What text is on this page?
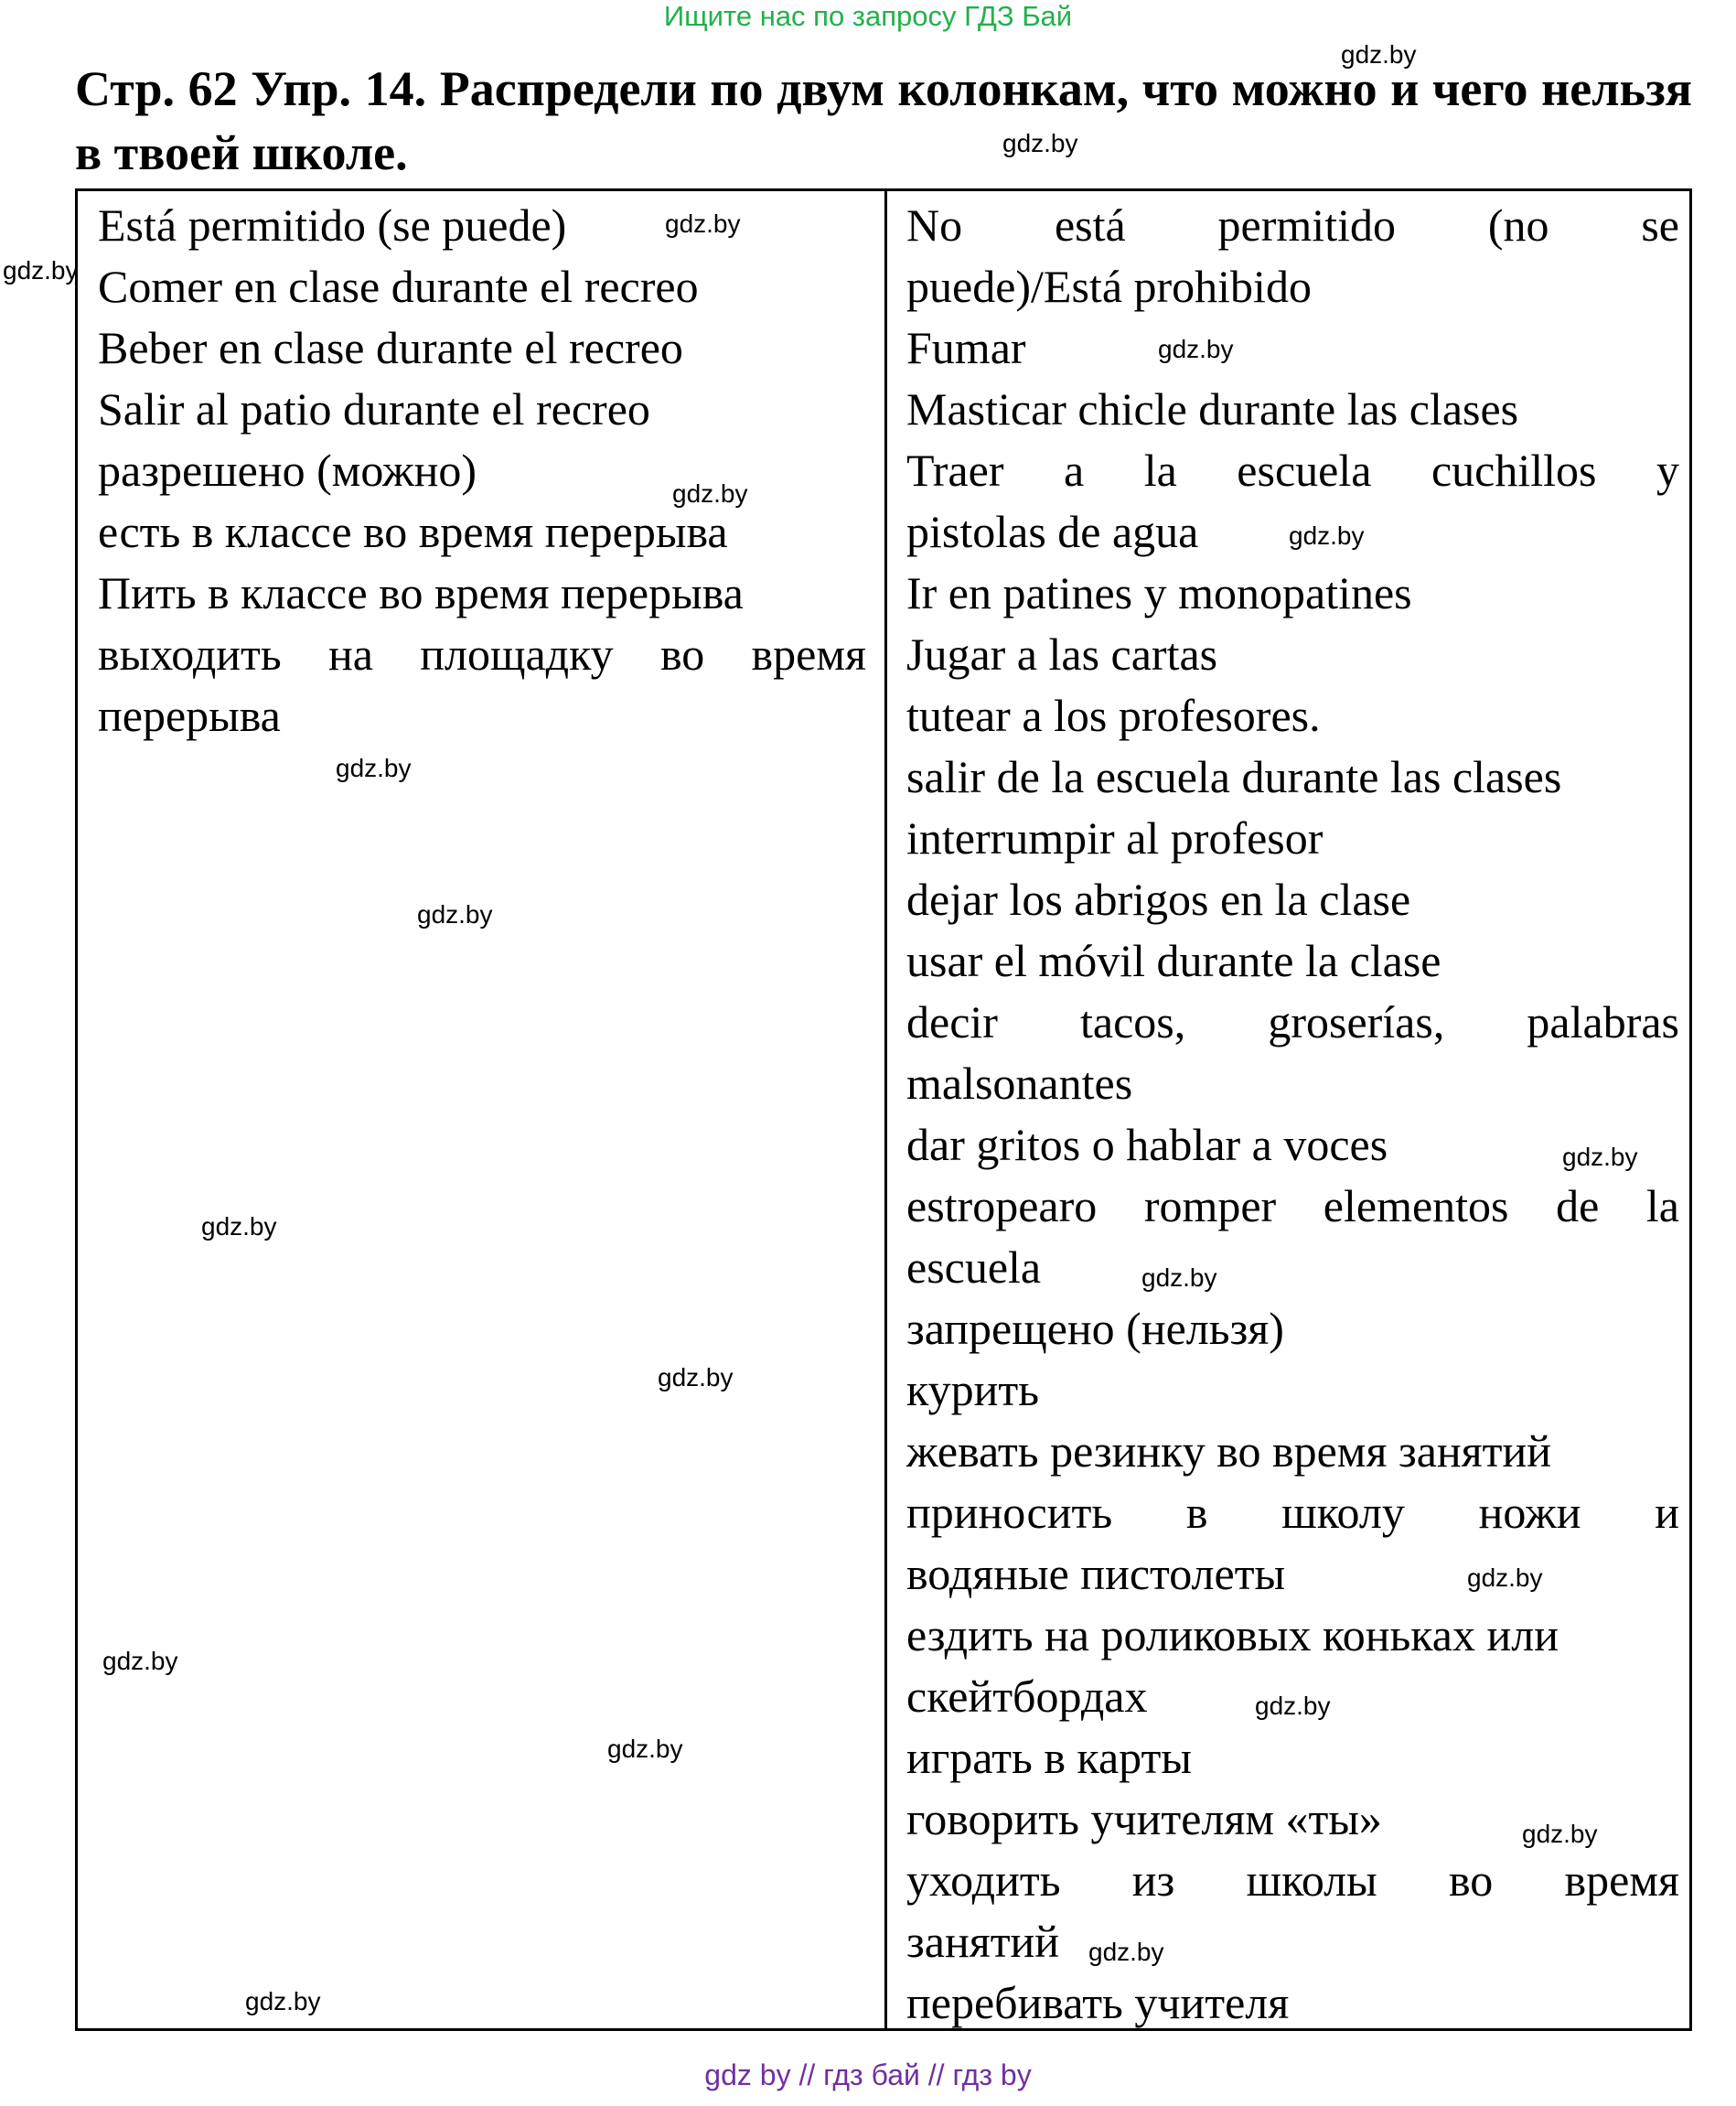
Ищите нас по запросу ГДЗ Бай
Стр. 62 Упр. 14. Распредели по двум колонкам, что можно и чего нельзя в твоей школе.
Está permitido (se puede)
Comer en clase durante el recreo
Beber en clase durante el recreo
Salir al patio durante el recreo
разрешено (можно)
есть в классе во время перерыва
Пить в классе во время перерыва
выходить на площадку во время
перерыва
No está permitido (no se
puede)/Está prohibido
Fumar
Masticar chicle durante las clases
Traer a la escuela cuchillos y
pistolas de agua
Ir en patines y monopatines
Jugar a las cartas
tutear a los profesores.
salir de la escuela durante las clases
interrumpir al profesor
dejar los abrigos en la clase
usar el móvil durante la clase
decir tacos, groserías, palabras
malsonantes
dar gritos o hablar a voces
estropearo romper elementos de la
escuela
запрещено (нельзя)
курить
жевать резинку во время занятий
приносить в школу ножи и
водяные пистолеты
ездить на роликовых коньках или
скейтбордах
играть в карты
говорить учителям «ты»
уходить из школы во время
занятий
перебивать учителя
gdz.by
gdz.by
gdz.by
gdz.by
gdz.by
gdz.by
gdz.by
gdz.by
gdz.by
gdz.by
gdz.by
gdz.by
gdz.by
gdz.by
gdz.by
gdz.by
gdz.by
gdz.by
gdz.by
gdz.by
gdz by // гдз бай // гдз by
